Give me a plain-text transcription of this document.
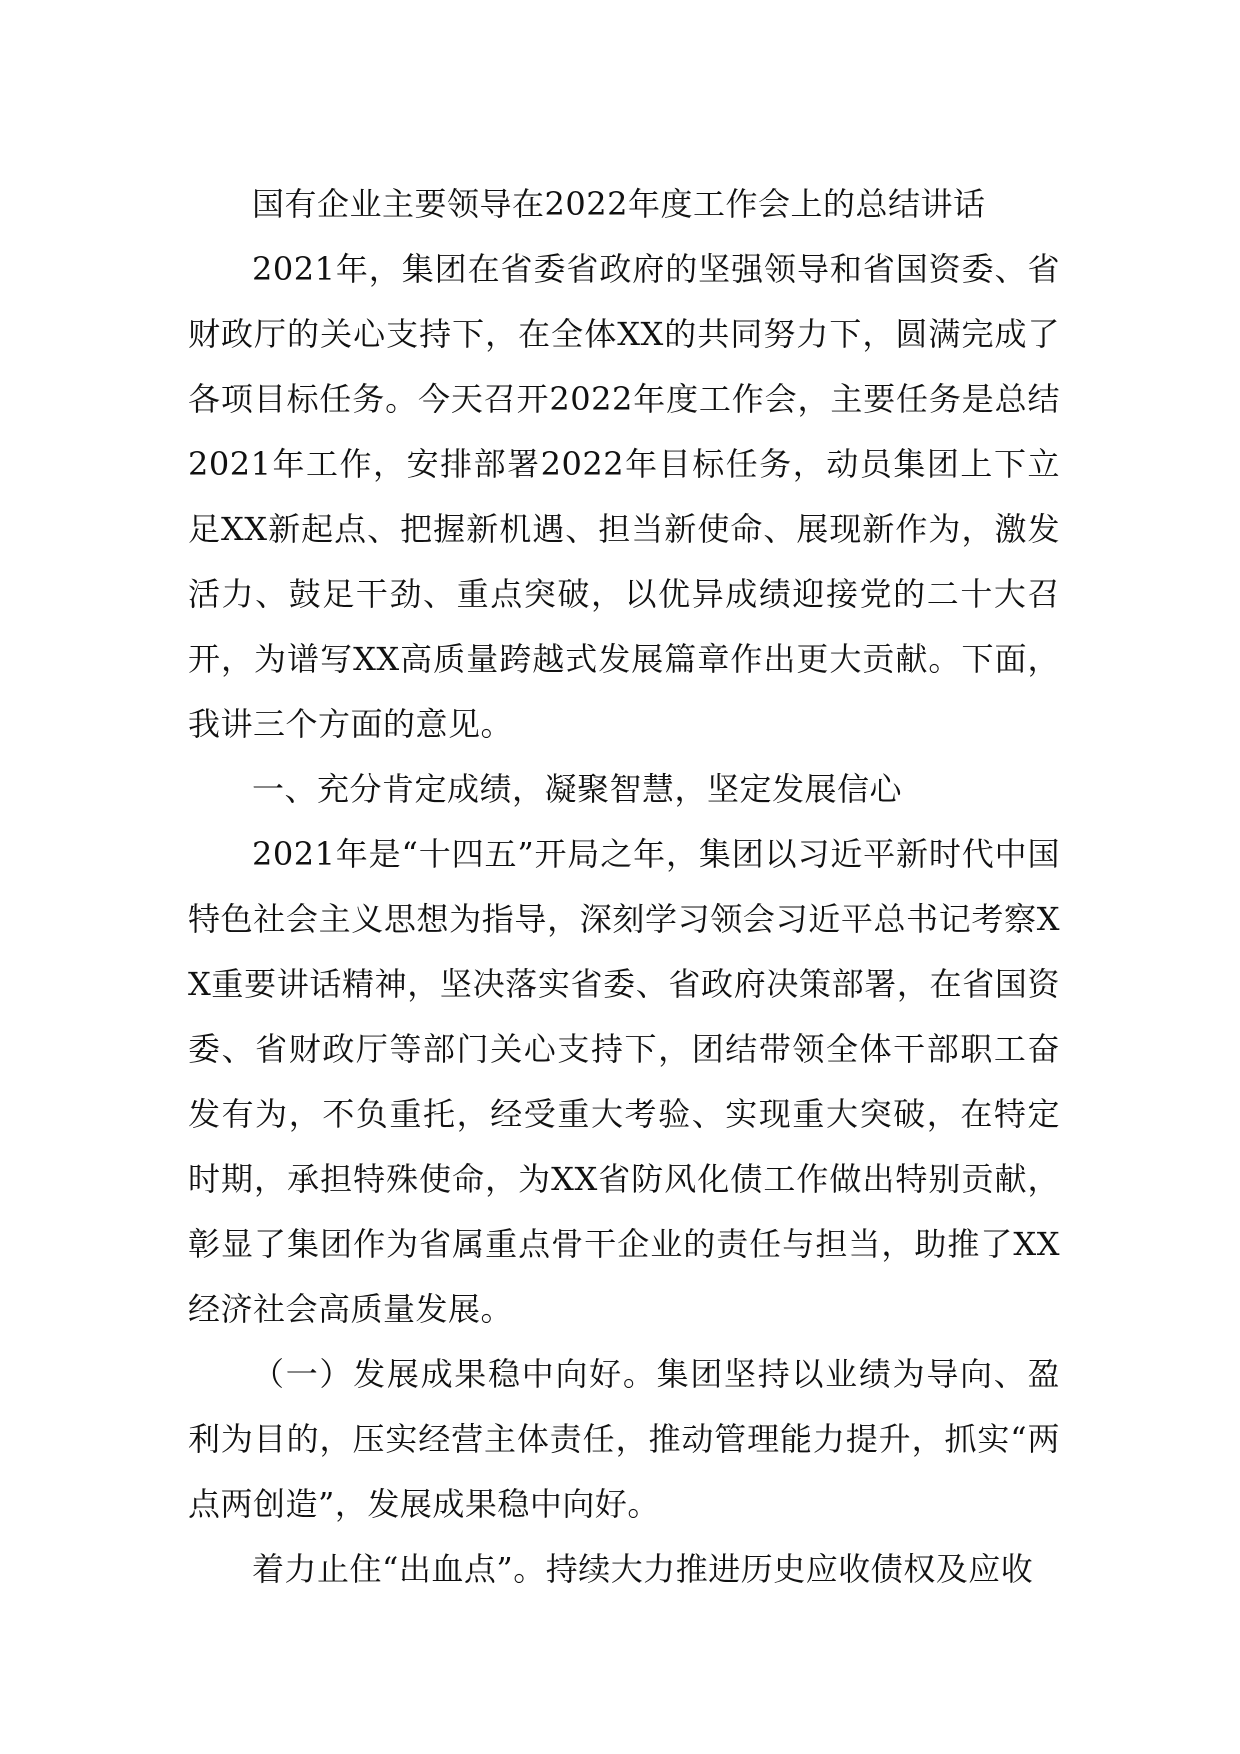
国有企业主要领导在2022年度工作会上的总结讲话

2021年，集团在省委省政府的坚强领导和省国资委、省财政厅的关心支持下，在全体XX的共同努力下，圆满完成了各项目标任务。今天召开2022年度工作会，主要任务是总结2021年工作，安排部署2022年目标任务，动员集团上下立足XX新起点、把握新机遇、担当新使命、展现新作为，激发活力、鼓足干劲、重点突破，以优异成绩迎接党的二十大召开，为谱写XX高质量跨越式发展篇章作出更大贡献。下面，我讲三个方面的意见。

一、充分肯定成绩，凝聚智慧，坚定发展信心

2021年是“十四五”开局之年，集团以习近平新时代中国特色社会主义思想为指导，深刻学习领会习近平总书记考察XX重要讲话精神，坚决落实省委、省政府决策部署，在省国资委、省财政厅等部门关心支持下，团结带领全体干部职工奋发有为，不负重托，经受重大考验、实现重大突破，在特定时期，承担特殊使命，为XX省防风化债工作做出特别贡献，彰显了集团作为省属重点骨干企业的责任与担当，助推了XX经济社会高质量发展。

（一）发展成果稳中向好。集团坚持以业绩为导向、盈利为目的，压实经营主体责任，推动管理能力提升，抓实“两点两创造”，发展成果稳中向好。

着力止住“出血点”。持续大力推进历史应收债权及应收
